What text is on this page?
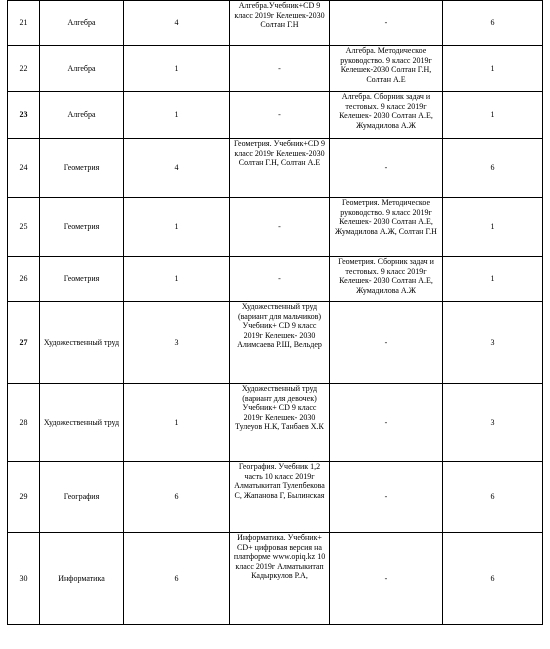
21	Алгебра	4	Алгебра.Учебник+CD 9 класс 2019г Келешек-2030 Солтан Г.Н	-	6
22	Алгебра	1	-	Алгебра. Методическое руководство. 9 класс 2019г Келешек-2030 Солтан Г.Н, Солтан А.Е	1
23	Алгебра	1	-	Алгебра. Сборник задач и тестовых. 9 класс 2019г Келешек- 2030 Солтан А.Е, Жумадилова А.Ж	1
24	Геометрия	4	Геометрия. Учебник+CD 9 класс 2019г Келешек-2030 Солтан Г.Н, Солтан А.Е	-	6
25	Геометрия	1	-	Геометрия. Методическое руководство. 9 класс 2019г Келешек- 2030 Солтан А.Е, Жумадилова А.Ж, Солтан Г.Н	1
26	Геометрия	1	-	Геометрия. Сборник задач и тестовых. 9 класс 2019г Келешек- 2030 Солтан А.Е, Жумадилова А.Ж	1
27	Художественный труд	3	Художественный труд (вариант для мальчиков) Учебник+ CD 9 класс 2019г Келешек- 2030 Алимсаева Р.Ш, Вельдер	-	3
28	Художественный труд	1	Художественный труд (вариант для девочек) Учебник+ CD 9 класс 2019г Келешек- 2030 Тулеуов Н.К, Танбаев Х.К	-	3
29	География	6	География. Учебник 1,2 часть 10 класс 2019г Алматыкитап Тулепбекова С, Жапанова Г, Былинская	-	6
30	Информатика	6	Информатика. Учебник+ CD+ цифровая версия на платформе www.opiq.kz 10 класс 2019г Алматыкитап Кадыркулов Р.А,	-	6
